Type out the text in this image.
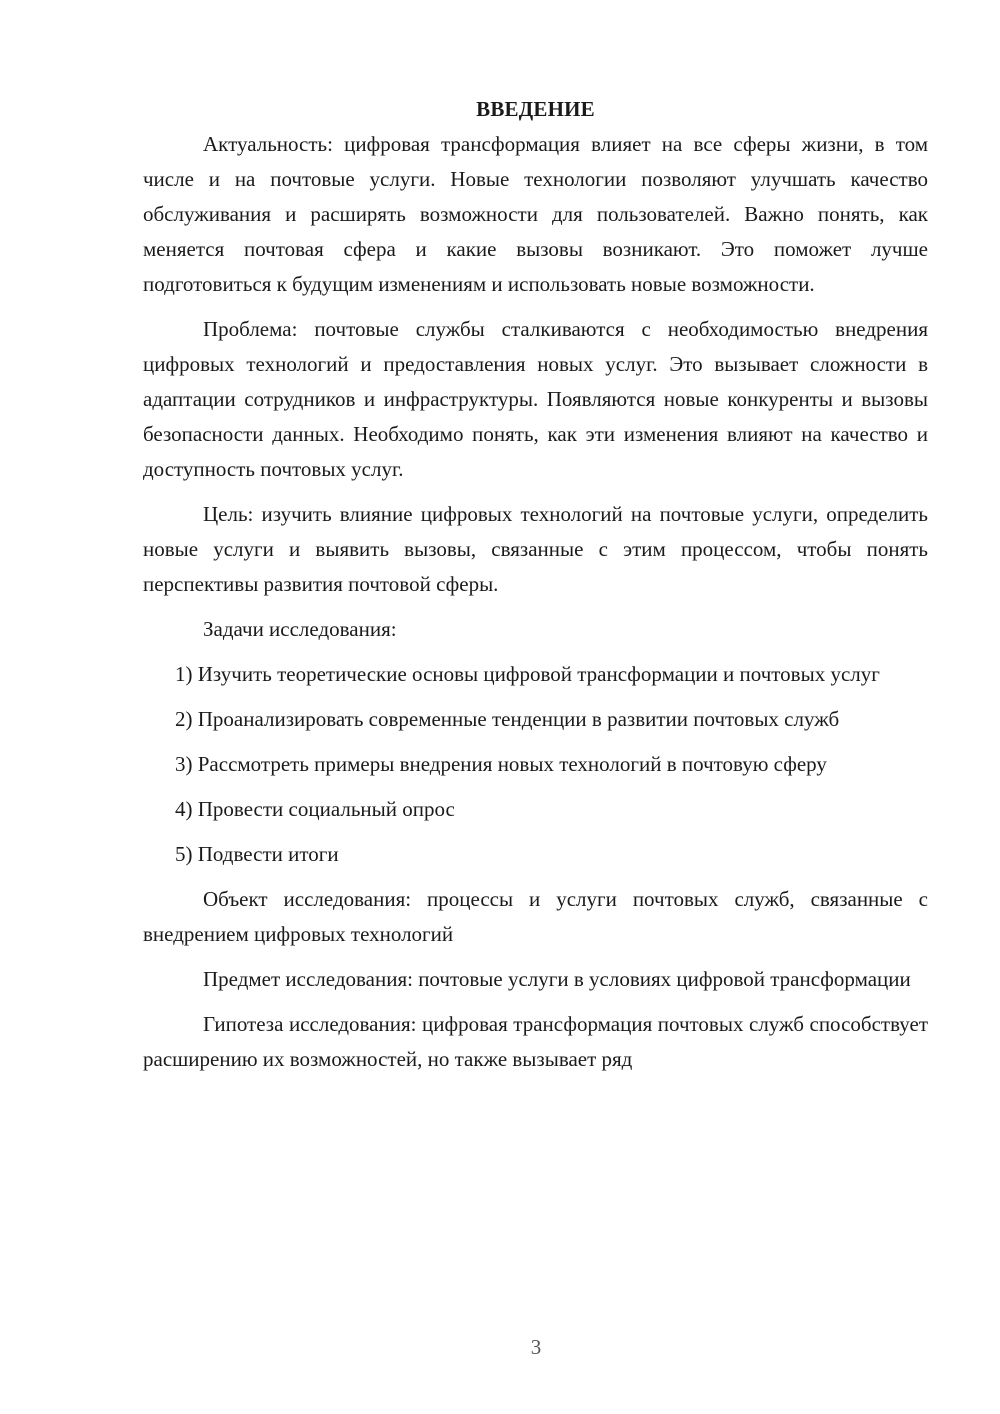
ВВЕДЕНИЕ

Актуальность: цифровая трансформация влияет на все сферы жизни, в том числе и на почтовые услуги. Новые технологии позволяют улучшать качество обслуживания и расширять возможности для пользователей. Важно понять, как меняется почтовая сфера и какие вызовы возникают. Это поможет лучше подготовиться к будущим изменениям и использовать новые возможности.

Проблема: почтовые службы сталкиваются с необходимостью внедрения цифровых технологий и предоставления новых услуг. Это вызывает сложности в адаптации сотрудников и инфраструктуры. Появляются новые конкуренты и вызовы безопасности данных. Необходимо понять, как эти изменения влияют на качество и доступность почтовых услуг.

Цель: изучить влияние цифровых технологий на почтовые услуги, определить новые услуги и выявить вызовы, связанные с этим процессом, чтобы понять перспективы развития почтовой сферы.

Задачи исследования:

1) Изучить теоретические основы цифровой трансформации и почтовых услуг

2) Проанализировать современные тенденции в развитии почтовых служб

3) Рассмотреть примеры внедрения новых технологий в почтовую сферу

4) Провести социальный опрос

5) Подвести итоги

Объект исследования: процессы и услуги почтовых служб, связанные с внедрением цифровых технологий

Предмет исследования: почтовые услуги в условиях цифровой трансформации

Гипотеза исследования: цифровая трансформация почтовых служб способствует расширению их возможностей, но также вызывает ряд

3
